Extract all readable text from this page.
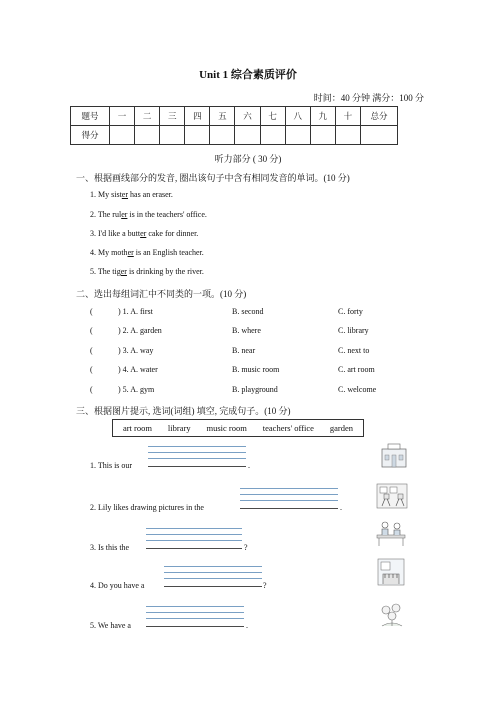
Unit 1 综合素质评价
时间：40 分钟 满分：100 分
题号	一	二	三	四	五	六	七	八	九	十	总分
得分											
听力部分 ( 30 分)
一、根据画线部分的发音, 圈出该句子中含有相同发音的单词。(10 分)
1. My sister has an eraser.
2. The ruler is in the teachers' office.
3. I'd like a butter cake for dinner.
4. My mother is an English teacher.
5. The tiger is drinking by the river.
二、选出每组词汇中不同类的一项。(10 分)
(	) 1. A. first	B. second	C. forty
(	) 2. A. garden	B. where	C. library
(	) 3. A. way	B. near	C. next to
(	) 4. A. water	B. music room	C. art room
(	) 5. A. gym	B. playground	C. welcome
三、根据图片提示, 选词(词组) 填空, 完成句子。(10 分)
art room library music room teachers' office garden
1. This is our	.
2. Lily likes drawing pictures in the	.
3. Is this the	?
4. Do you have a	?
5. We have a	.
